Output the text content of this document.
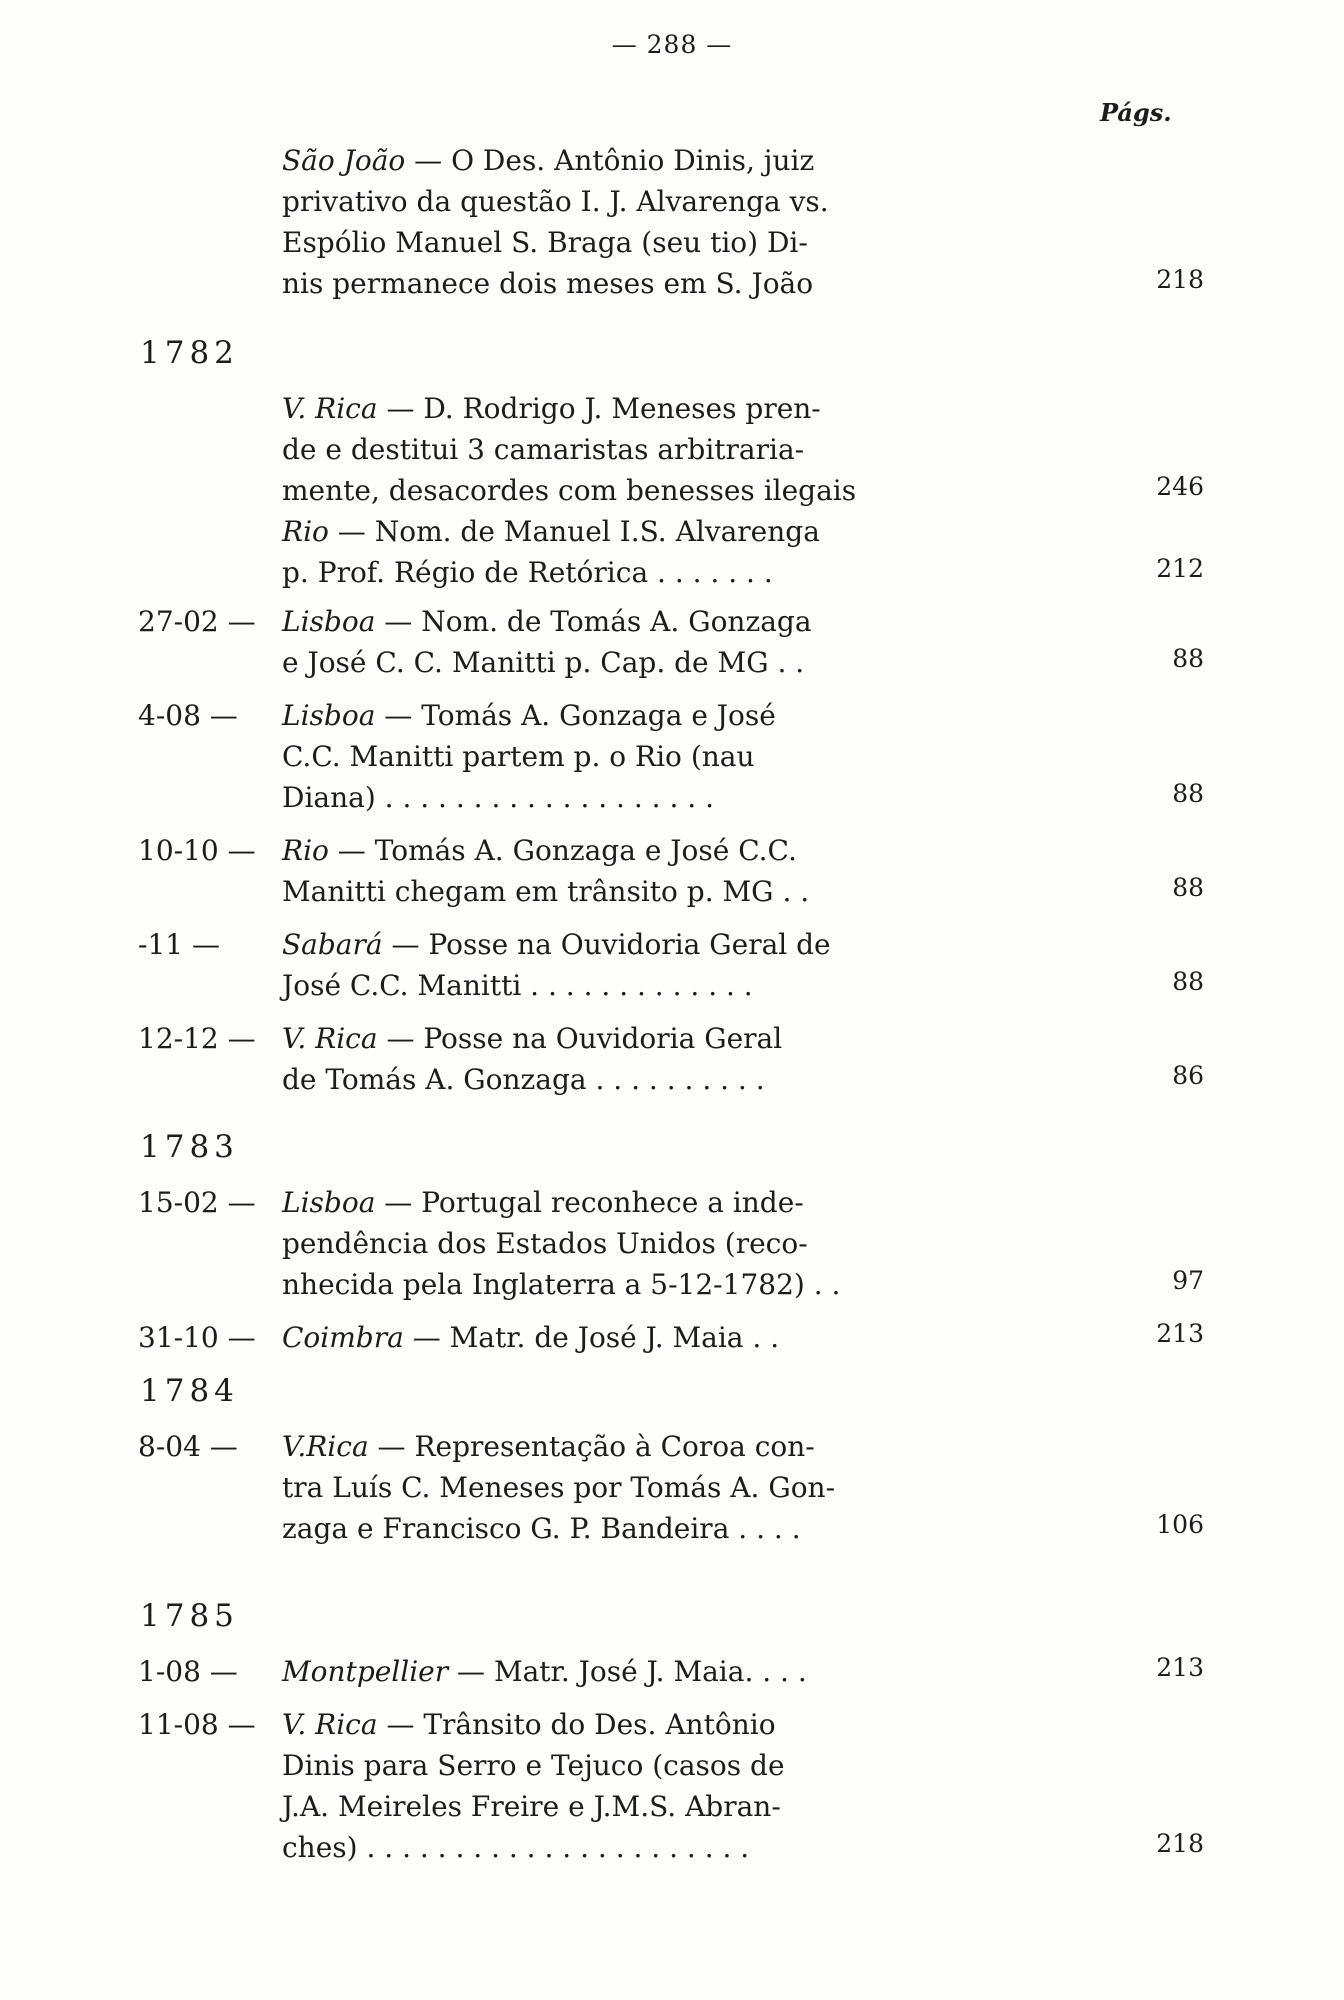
— 288 —
Págs.
São João — O Des. Antônio Dinis, juiz
privativo da questão I. J. Alvarenga vs.
Espólio Manuel S. Braga (seu tio) Di-
nis permanece dois meses em S. João	218
1782
V. Rica — D. Rodrigo J. Meneses pren-
de e destitui 3 camaristas arbitraria-
mente, desacordes com benesses ilegais	246
Rio — Nom. de Manuel I.S. Alvarenga
p. Prof. Régio de Retórica . . . . . . .	212
27-02 — Lisboa — Nom. de Tomás A. Gonzaga
e José C. C. Manitti p. Cap. de MG . .	88
4-08 —	Lisboa — Tomás A. Gonzaga e José
C.C. Manitti partem p. o Rio (nau
Diana) . . . . . . . . . . . . . . . . . . .	88
10-10 — Rio — Tomás A. Gonzaga e José C.C.
Manitti chegam em trânsito p. MG . .	88
-11 —	Sabará — Posse na Ouvidoria Geral de
José C.C. Manitti . . . . . . . . . . . . .	88
12-12 — V. Rica — Posse na Ouvidoria Geral
de Tomás A. Gonzaga . . . . . . . . . .	86
1783
15-02 — Lisboa — Portugal reconhece a inde-
pendência dos Estados Unidos (reco-
nhecida pela Inglaterra a 5-12-1782) . .	97
31-10 — Coimbra — Matr. de José J. Maia . .	213
1784
8-04 —	V.Rica — Representação à Coroa con-
tra Luís C. Meneses por Tomás A. Gon-
zaga e Francisco G. P. Bandeira . . . .	106
1785
1-08 —	Montpellier — Matr. José J. Maia. . . .	213
11-08 — V. Rica — Trânsito do Des. Antônio
Dinis para Serro e Tejuco (casos de
J.A. Meireles Freire e J.M.S. Abran-
ches) . . . . . . . . . . . . . . . . . . . . . .	218
